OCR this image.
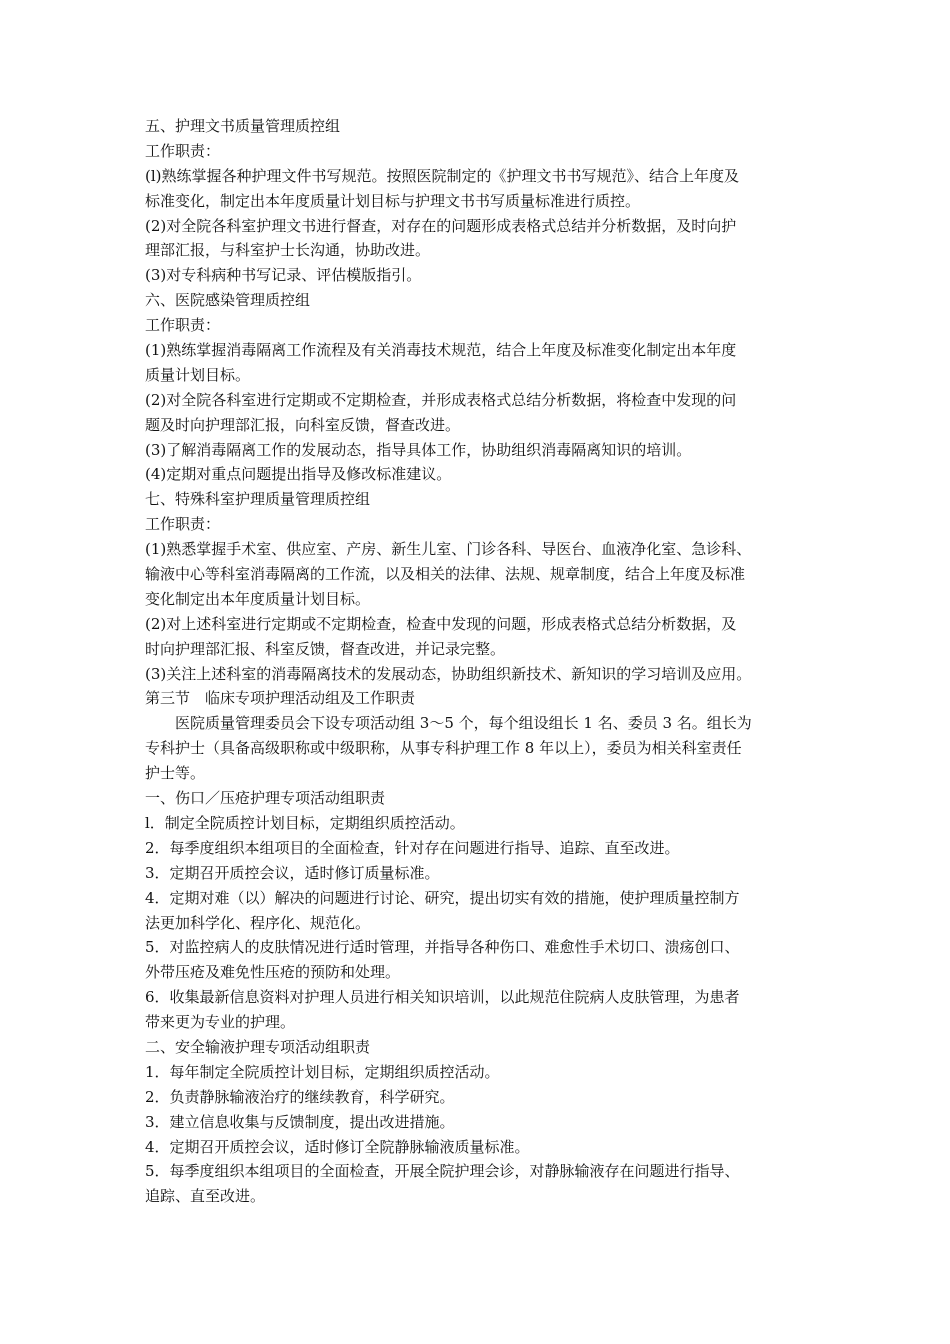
五、护理文书质量管理质控组
工作职责：
(l)熟练掌握各种护理文件书写规范。按照医院制定的《护理文书书写规范》、结合上年度及
标准变化，制定出本年度质量计划目标与护理文书书写质量标准进行质控。
(2)对全院各科室护理文书进行督查，对存在的问题形成表格式总结并分析数据，及时向护
理部汇报，与科室护士长沟通，协助改进。
(3)对专科病种书写记录、评估模版指引。
六、医院感染管理质控组
工作职责：
(1)熟练掌握消毒隔离工作流程及有关消毒技术规范，结合上年度及标准变化制定出本年度
质量计划目标。
(2)对全院各科室进行定期或不定期检查，并形成表格式总结分析数据，将检查中发现的问
题及时向护理部汇报，向科室反馈，督查改进。
(3)了解消毒隔离工作的发展动态，指导具体工作，协助组织消毒隔离知识的培训。
(4)定期对重点问题提出指导及修改标准建议。
七、特殊科室护理质量管理质控组
工作职责：
(1)熟悉掌握手术室、供应室、产房、新生儿室、门诊各科、导医台、血液净化室、急诊科、
输液中心等科室消毒隔离的工作流，以及相关的法律、法规、规章制度，结合上年度及标准
变化制定出本年度质量计划目标。
(2)对上述科室进行定期或不定期检查，检查中发现的问题，形成表格式总结分析数据，及
时向护理部汇报、科室反馈，督查改进，并记录完整。
(3)关注上述科室的消毒隔离技术的发展动态，协助组织新技术、新知识的学习培训及应用。
第三节　临床专项护理活动组及工作职责
医院质量管理委员会下设专项活动组 3～5 个，每个组设组长 1 名、委员 3 名。组长为
专科护士（具备高级职称或中级职称，从事专科护理工作 8 年以上），委员为相关科室责任
护士等。
一、伤口／压疮护理专项活动组职责
l．制定全院质控计划目标，定期组织质控活动。
2．每季度组织本组项目的全面检查，针对存在问题进行指导、追踪、直至改进。
3．定期召开质控会议，适时修订质量标准。
4．定期对难（以）解决的问题进行讨论、研究，提出切实有效的措施，使护理质量控制方
法更加科学化、程序化、规范化。
5．对监控病人的皮肤情况进行适时管理，并指导各种伤口、难愈性手术切口、溃疡创口、
外带压疮及难免性压疮的预防和处理。
6．收集最新信息资料对护理人员进行相关知识培训，以此规范住院病人皮肤管理，为患者
带来更为专业的护理。
二、安全输液护理专项活动组职责
1．每年制定全院质控计划目标，定期组织质控活动。
2．负责静脉输液治疗的继续教育，科学研究。
3．建立信息收集与反馈制度，提出改进措施。
4．定期召开质控会议，适时修订全院静脉输液质量标准。
5．每季度组织本组项目的全面检查，开展全院护理会诊，对静脉输液存在问题进行指导、
追踪、直至改进。
